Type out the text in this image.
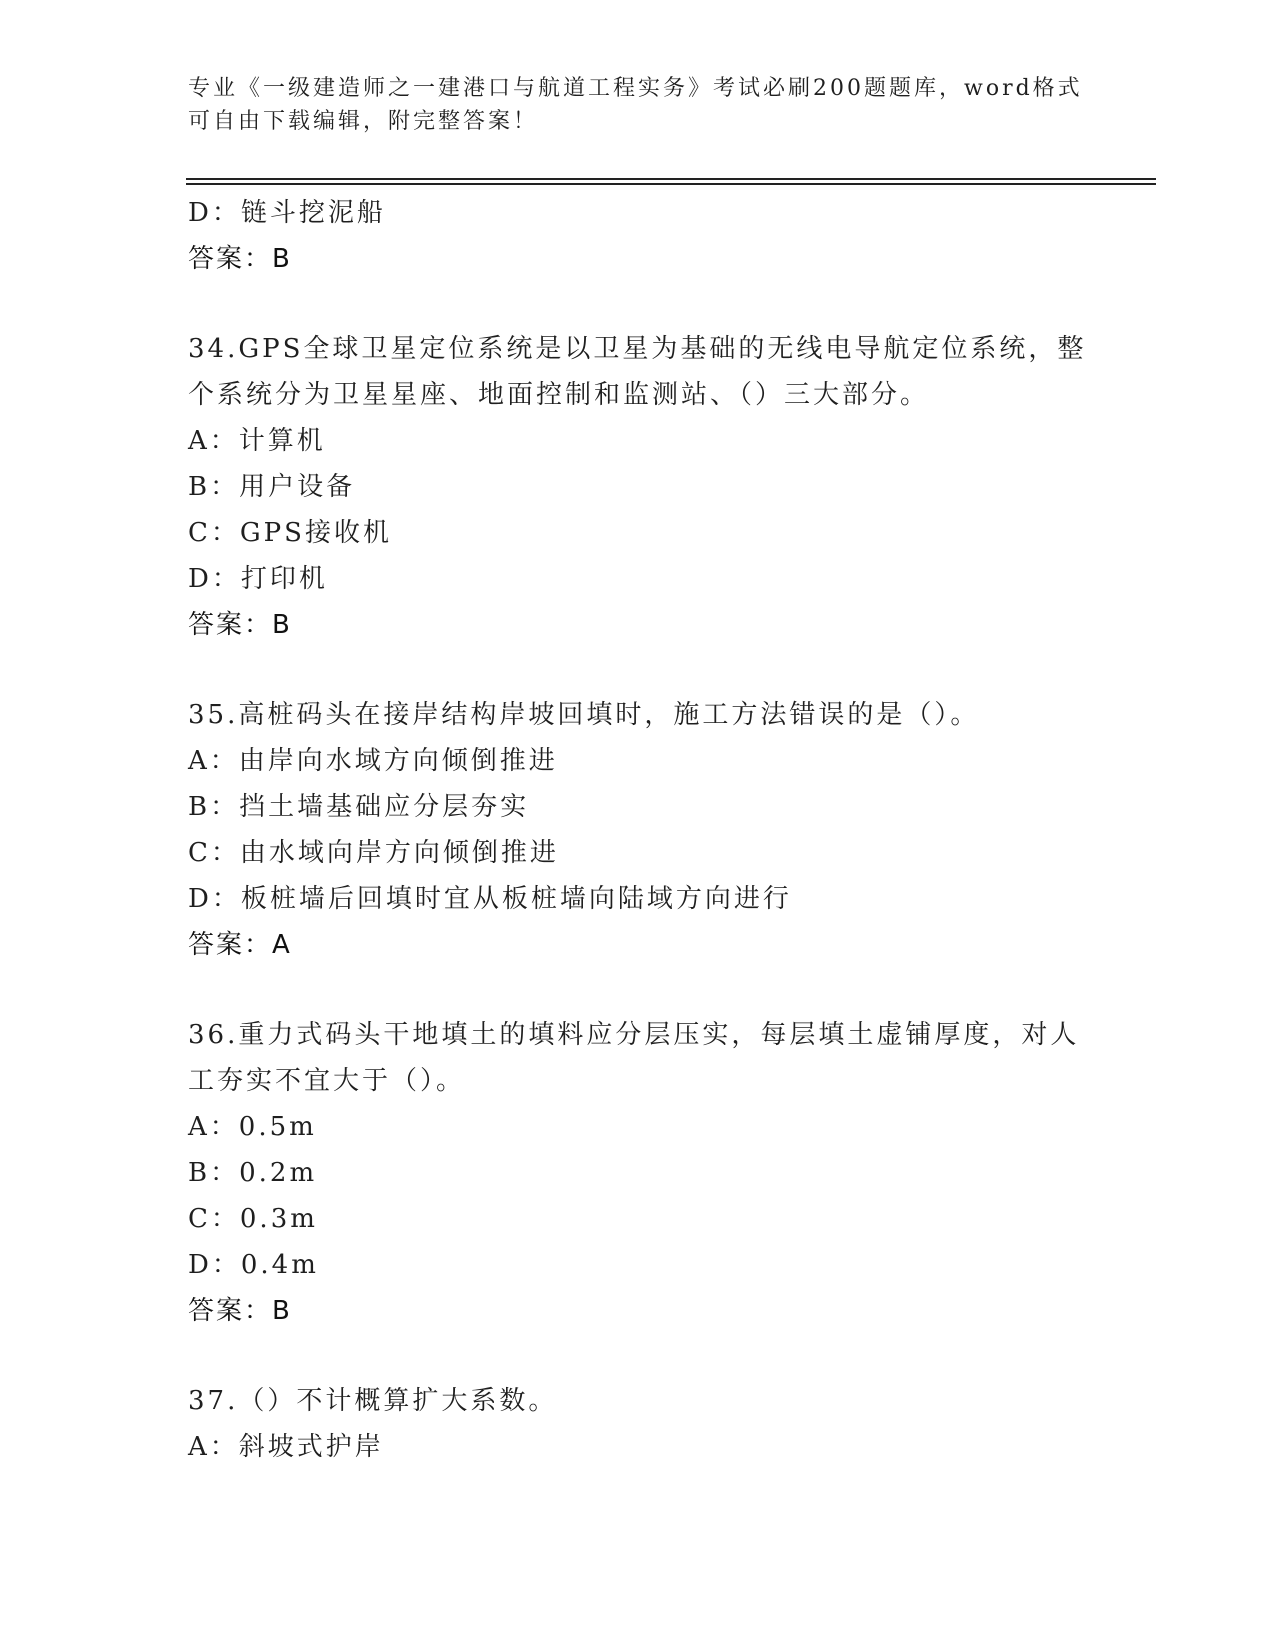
专业《一级建造师之一建港口与航道工程实务》考试必刷200题题库，word格式
可自由下载编辑，附完整答案！
D：链斗挖泥船
答案：B
34.GPS全球卫星定位系统是以卫星为基础的无线电导航定位系统，整
个系统分为卫星星座、地面控制和监测站、（）三大部分。
A：计算机
B：用户设备
C：GPS接收机
D：打印机
答案：B
35.高桩码头在接岸结构岸坡回填时，施工方法错误的是（）。
A：由岸向水域方向倾倒推进
B：挡土墙基础应分层夯实
C：由水域向岸方向倾倒推进
D：板桩墙后回填时宜从板桩墙向陆域方向进行
答案：A
36.重力式码头干地填土的填料应分层压实，每层填土虚铺厚度，对人
工夯实不宜大于（）。
A：0.5m
B：0.2m
C：0.3m
D：0.4m
答案：B
37.（）不计概算扩大系数。
A：斜坡式护岸
